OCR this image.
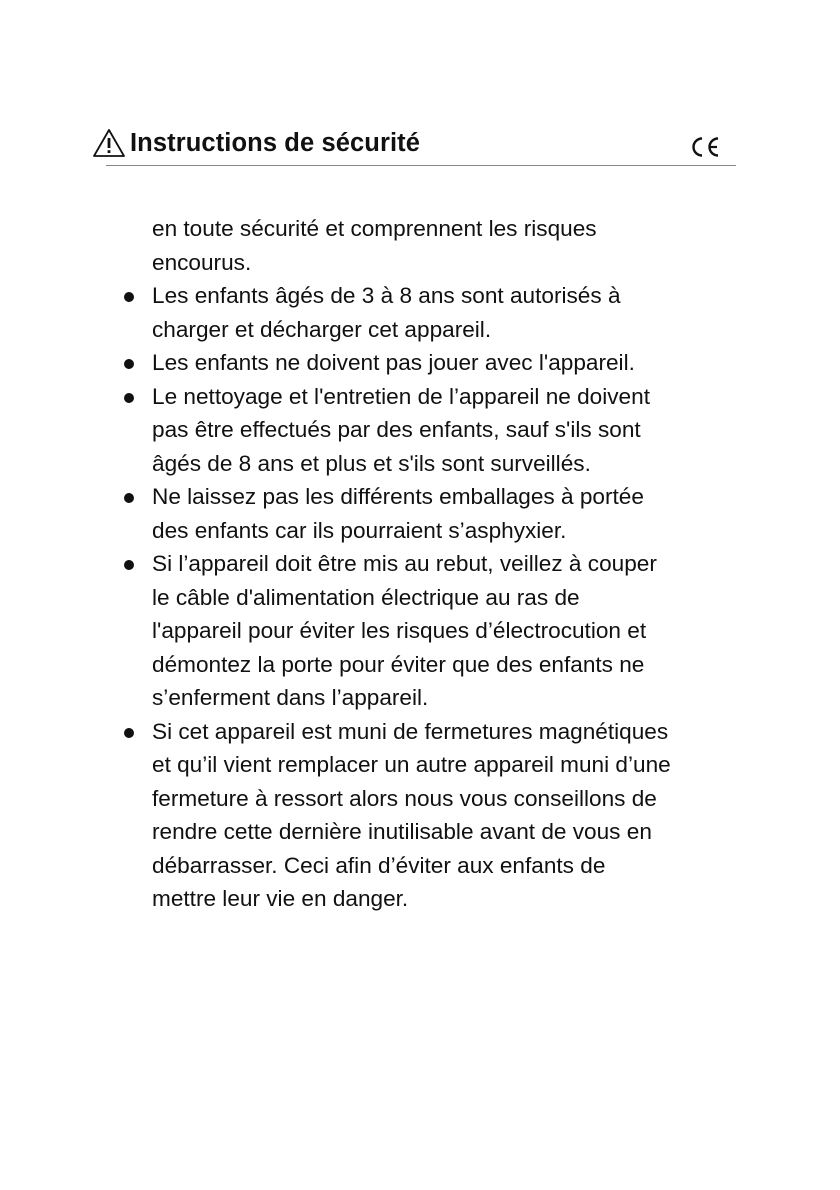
Instructions de sécurité
en toute sécurité et comprennent les risques
encourus.
Les enfants âgés de 3 à 8 ans sont autorisés à
charger et décharger cet appareil.
Les enfants ne doivent pas jouer avec l'appareil.
Le nettoyage et l'entretien de l’appareil ne doivent
pas être effectués par des enfants, sauf s'ils sont
âgés de 8 ans et plus et s'ils sont surveillés.
Ne laissez pas les différents emballages à portée
des enfants car ils pourraient s’asphyxier.
Si l’appareil doit être mis au rebut, veillez à couper
le câble d'alimentation électrique au ras de
l'appareil pour éviter les risques d’électrocution et
démontez la porte pour éviter que des enfants ne
s’enferment dans l’appareil.
Si cet appareil est muni de fermetures magnétiques
et qu’il vient remplacer un autre appareil muni d’une
fermeture à ressort alors nous vous conseillons de
rendre cette dernière inutilisable avant de vous en
débarrasser. Ceci afin d’éviter aux enfants de
mettre leur vie en danger.
